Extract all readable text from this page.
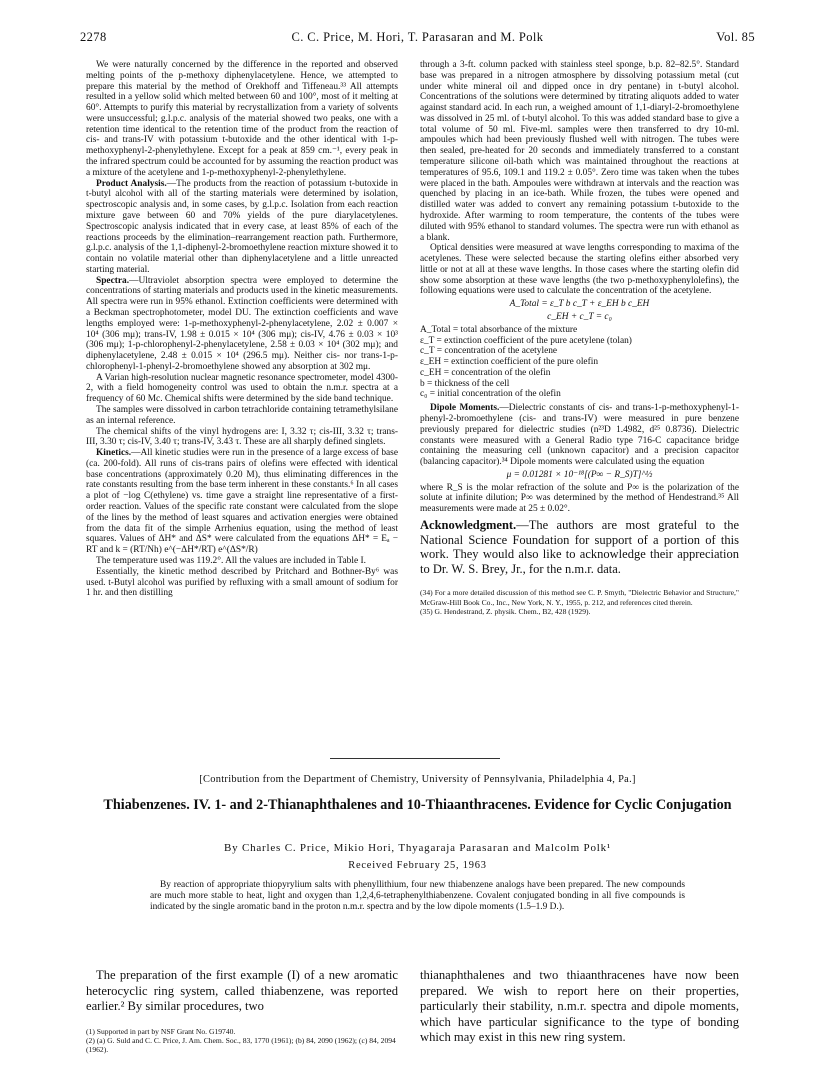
2278	C. C. Price, M. Hori, T. Parasaran and M. Polk	Vol. 85

We were naturally concerned by the difference in the reported and observed melting points of the p-methoxy diphenylacetylene. Hence, we attempted to prepare this material by the method of Orekhoff and Tiffeneau.³³ All attempts resulted in a yellow solid which melted between 60 and 100°, most of it melting at 60°. Attempts to purify this material by recrystallization from a variety of solvents were unsuccessful; g.l.p.c. analysis of the material showed two peaks, one with a retention time identical to the retention time of the product from the reaction of cis- and trans-IV with potassium t-butoxide and the other identical with 1-p-methoxyphenyl-2-phenylethylene. Except for a peak at 859 cm.⁻¹, every peak in the infrared spectrum could be accounted for by assuming the reaction product was a mixture of the acetylene and 1-p-methoxyphenyl-2-phenylethylene.

Product Analysis.—The products from the reaction of potassium t-butoxide in t-butyl alcohol with all of the starting materials were determined by isolation, spectroscopic analysis and, in some cases, by g.l.p.c. Isolation from each reaction mixture gave between 60 and 70% yields of the pure diarylacetylenes. Spectroscopic analysis indicated that in every case, at least 85% of each of the reactions proceeds by the elimination–rearrangement reaction path. Furthermore, g.l.p.c. analysis of the 1,1-diphenyl-2-bromoethylene reaction mixture showed it to contain no volatile material other than diphenylacetylene and a little unreacted starting material.

Spectra.—Ultraviolet absorption spectra were employed to determine the concentrations of starting materials and products used in the kinetic measurements. All spectra were run in 95% ethanol. Extinction coefficients were determined with a Beckman spectrophotometer, model DU. The extinction coefficients and wave lengths employed were: 1-p-methoxyphenyl-2-phenylacetylene, 2.02 ± 0.007 × 10⁴ (306 mμ); trans-IV, 1.98 ± 0.015 × 10⁴ (306 mμ); cis-IV, 4.76 ± 0.03 × 10³ (306 mμ); 1-p-chlorophenyl-2-phenylacetylene, 2.58 ± 0.03 × 10⁴ (302 mμ); and diphenylacetylene, 2.48 ± 0.015 × 10⁴ (296.5 mμ). Neither cis- nor trans-1-p-chlorophenyl-1-phenyl-2-bromoethylene showed any absorption at 302 mμ.

A Varian high-resolution nuclear magnetic resonance spectrometer, model 4300-2, with a field homogeneity control was used to obtain the n.m.r. spectra at a frequency of 60 Mc. Chemical shifts were determined by the side band technique.

The samples were dissolved in carbon tetrachloride containing tetramethylsilane as an internal reference.

The chemical shifts of the vinyl hydrogens are: I, 3.32 τ; cis-III, 3.32 τ; trans-III, 3.30 τ; cis-IV, 3.40 τ; trans-IV, 3.43 τ. These are all sharply defined singlets.

Kinetics.—All kinetic studies were run in the presence of a large excess of base (ca. 200-fold). All runs of cis-trans pairs of olefins were effected with identical base concentrations (approximately 0.20 M), thus eliminating differences in the rate constants resulting from the base term inherent in these constants.⁶ In all cases a plot of −log C(ethylene) vs. time gave a straight line representative of a first-order reaction. Values of the specific rate constant were calculated from the slope of the lines by the method of least squares and activation energies were obtained from the data fit of the simple Arrhenius equation, using the method of least squares. Values of ΔH* and ΔS* were calculated from the equations ΔH* = Eₐ − RT and k = (RT/Nh) e^(−ΔH*/RT) e^(ΔS*/R)

The temperature used was 119.2°. All the values are included in Table I.

Essentially, the kinetic method described by Pritchard and Bothner-By⁶ was used. t-Butyl alcohol was purified by refluxing with a small amount of sodium for 1 hr. and then distilling

through a 3-ft. column packed with stainless steel sponge, b.p. 82–82.5°. Standard base was prepared in a nitrogen atmosphere by dissolving potassium metal (cut under white mineral oil and dipped once in dry pentane) in t-butyl alcohol. Concentrations of the solutions were determined by titrating aliquots added to water against standard acid. In each run, a weighed amount of 1,1-diaryl-2-bromoethylene was dissolved in 25 ml. of t-butyl alcohol. To this was added standard base to give a total volume of 50 ml. Five-ml. samples were then transferred to dry 10-ml. ampoules which had been previously flushed well with nitrogen. The tubes were then sealed, pre-heated for 20 seconds and immediately transferred to a constant temperature silicone oil-bath which was maintained throughout the reactions at temperatures of 95.6, 109.1 and 119.2 ± 0.05°. Zero time was taken when the tubes were placed in the bath. Ampoules were withdrawn at intervals and the reaction was quenched by placing in an ice-bath. While frozen, the tubes were opened and distilled water was added to convert any remaining potassium t-butoxide to the hydroxide. After warming to room temperature, the contents of the tubes were diluted with 95% ethanol to standard volumes. The spectra were run with ethanol as a blank.

Optical densities were measured at wave lengths corresponding to maxima of the acetylenes. These were selected because the starting olefins either absorbed very little or not at all at these wave lengths. In those cases where the starting olefin did show some absorption at these wave lengths (the two p-methoxyphenylolefins), the following equations were used to calculate the concentration of the acetylene.

A_Total = ε_T b c_T + ε_EH b c_EH
c_EH + c_T = c₀
A_Total = total absorbance of the mixture
ε_T = extinction coefficient of the pure acetylene (tolan)
c_T = concentration of the acetylene
ε_EH = extinction coefficient of the pure olefin
c_EH = concentration of the olefin
b = thickness of the cell
c₀ = initial concentration of the olefin

Dipole Moments.—Dielectric constants of cis- and trans-1-p-methoxyphenyl-1-phenyl-2-bromoethylene (cis- and trans-IV) were measured in pure benzene previously prepared for dielectric studies (n²³D 1.4982, d²⁵ 0.8736). Dielectric constants were measured with a General Radio type 716-C capacitance bridge containing the measuring cell (unknown capacitor) and a precision capacitor (balancing capacitor).³⁴ Dipole moments were calculated using the equation

μ = 0.01281 × 10⁻¹⁸[(P∞ − R_S)T]^½

where R_S is the molar refraction of the solute and P∞ is the polarization of the solute at infinite dilution; P∞ was determined by the method of Hendestrand.³⁵ All measurements were made at 25 ± 0.02°.

Acknowledgment.—The authors are most grateful to the National Science Foundation for support of a portion of this work. They would also like to acknowledge their appreciation to Dr. W. S. Brey, Jr., for the n.m.r. data.
(34) For a more detailed discussion of this method see C. P. Smyth, "Dielectric Behavior and Structure," McGraw-Hill Book Co., Inc., New York, N. Y., 1955, p. 212, and references cited therein.
(35) G. Hendestrand, Z. physik. Chem., B2, 428 (1929).
[Contribution from the Department of Chemistry, University of Pennsylvania, Philadelphia 4, Pa.]
Thiabenzenes. IV. 1- and 2-Thianaphthalenes and 10-Thiaanthracenes. Evidence for Cyclic Conjugation
By Charles C. Price, Mikio Hori, Thyagaraja Parasaran and Malcolm Polk¹
Received February 25, 1963
By reaction of appropriate thiopyrylium salts with phenyllithium, four new thiabenzene analogs have been prepared. The new compounds are much more stable to heat, light and oxygen than 1,2,4,6-tetraphenylthiabenzene. Covalent conjugated bonding in all five compounds is indicated by the single aromatic band in the proton n.m.r. spectra and by the low dipole moments (1.5–1.9 D.).
The preparation of the first example (I) of a new aromatic heterocyclic ring system, called thiabenzene, was reported earlier.² By similar procedures, two
thianaphthalenes and two thiaanthracenes have now been prepared. We wish to report here on their properties, particularly their stability, n.m.r. spectra and dipole moments, which have particular significance to the type of bonding which may exist in this new ring system.
(1) Supported in part by NSF Grant No. G19740.
(2) (a) G. Suld and C. C. Price, J. Am. Chem. Soc., 83, 1770 (1961); (b) 84, 2090 (1962); (c) 84, 2094 (1962).
